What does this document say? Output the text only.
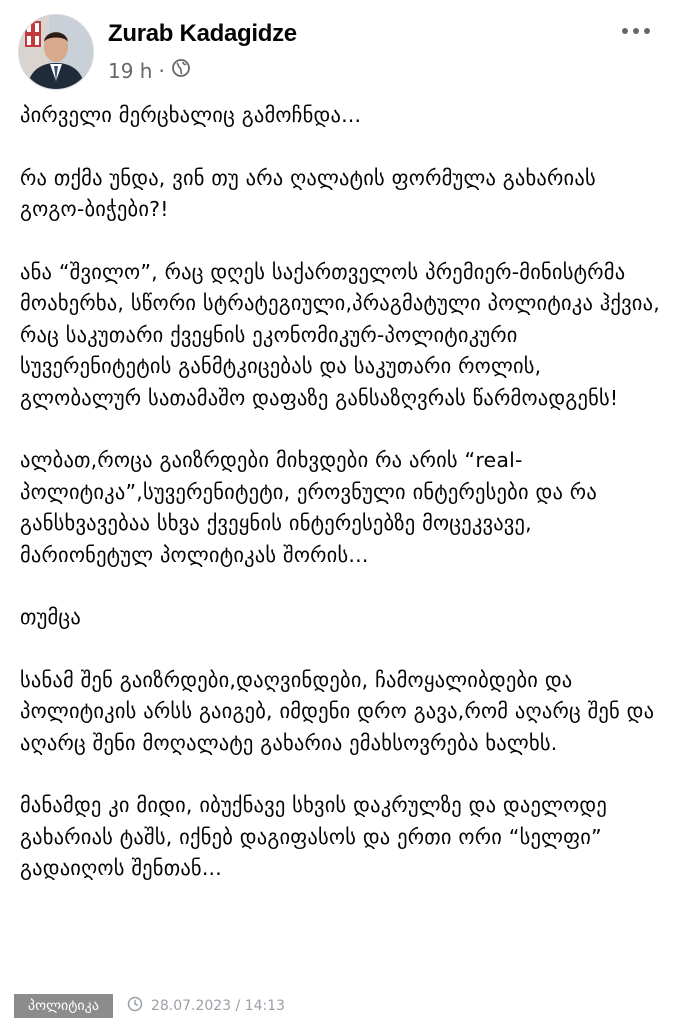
Zurab Kadagidze
19 h ·

პირველი მერცხალიც გამოჩნდა...

რა თქმა უნდა, ვინ თუ არა ღალატის ფორმულა გახარიას გოგო-ბიჭები?!

ანა “შვილო”, რაც დღეს საქართველოს პრემიერ-მინისტრმა მოახერხა, სწორი სტრატეგიული,პრაგმატული პოლიტიკა ჰქვია, რაც საკუთარი ქვეყნის ეკონომიკურ-პოლიტიკური სუვერენიტეტის განმტკიცებას და საკუთარი როლის, გლობალურ სათამაშო დაფაზე განსაზღვრას წარმოადგენს!

ალბათ,როცა გაიზრდები მიხვდები რა არის “real-პოლიტიკა”,სუვერენიტეტი, ეროვნული ინტერესები და რა განსხვავებაა სხვა ქვეყნის ინტერესებზე მოცეკვავე, მარიონეტულ პოლიტიკას შორის...

თუმცა

სანამ შენ გაიზრდები,დაღვინდები, ჩამოყალიბდები და პოლიტიკის არსს გაიგებ, იმდენი დრო გავა,რომ აღარც შენ და აღარც შენი მოღალატე გახარია ემახსოვრება ხალხს.

მანამდე კი მიდი, იბუქნავე სხვის დაკრულზე და დაელოდე გახარიას ტაშს, იქნებ დაგიფასოს და ერთი ორი “სელფი” გადაიღოს შენთან...

პოლიტიკა	28.07.2023 / 14:13
